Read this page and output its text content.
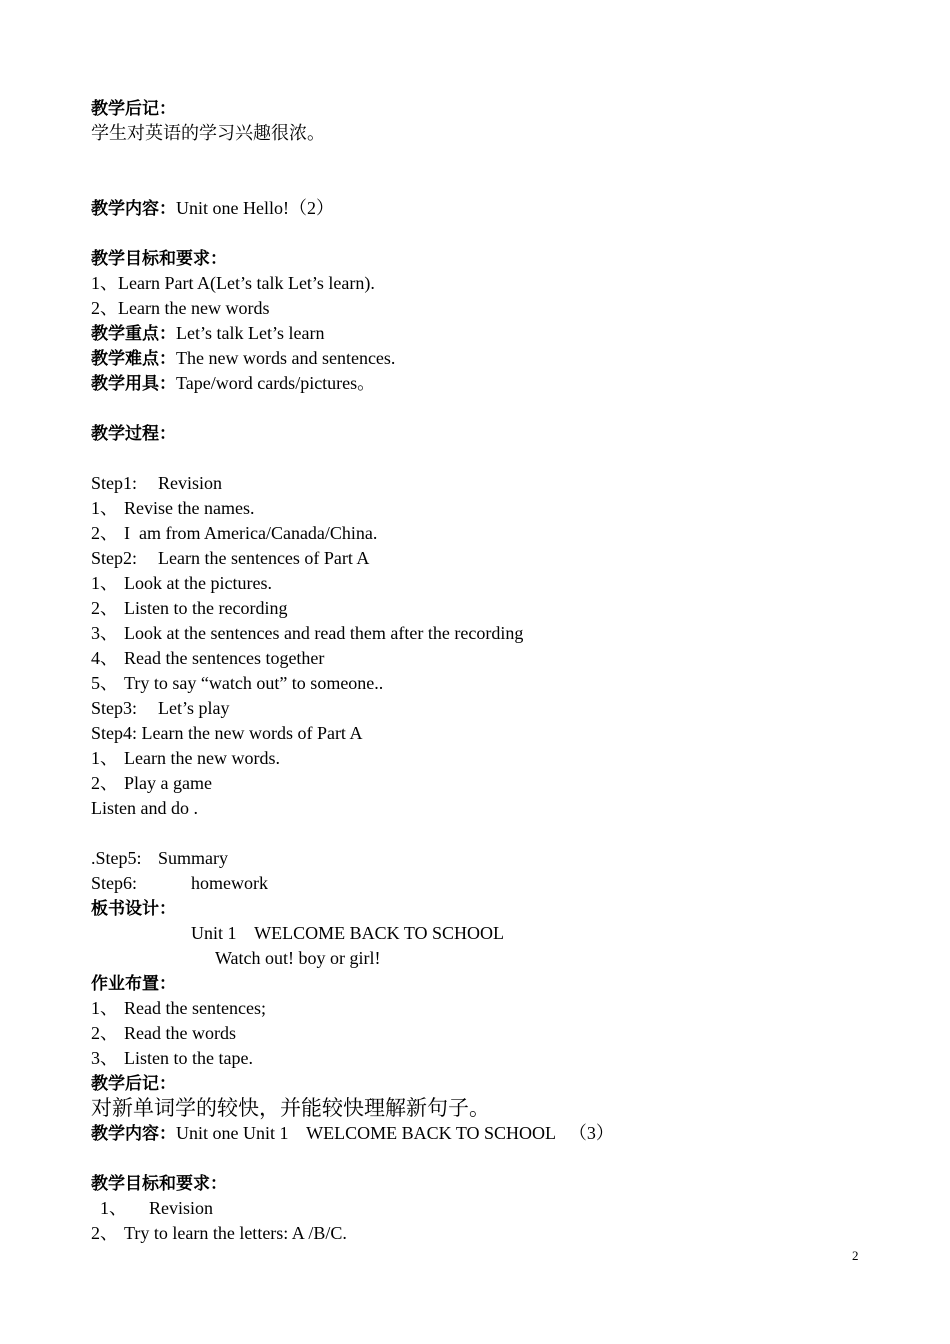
教学后记：
学生对英语的学习兴趣很浓。
教学内容：Unit one Hello!（2）
教学目标和要求：
1、Learn Part A(Let’s talk Let’s learn).
2、Learn the new words
教学重点：Let’s talk Let’s learn
教学难点：The new words and sentences.
教学用具：Tape/word cards/pictures。
教学过程：
Step1: Revision
1、 Revise the names.
2、 I  am from America/Canada/China.
Step2: Learn the sentences of Part A
1、 Look at the pictures.
2、 Listen to the recording
3、 Look at the sentences and read them after the recording
4、 Read the sentences together
5、 Try to say “watch out” to someone..
Step3: Let’s play
Step4: Learn the new words of Part A
1、 Learn the new words.
2、 Play a game
Listen and do .
.Step5: Summary
Step6:	homework
板书设计：
Unit 1    WELCOME BACK TO SCHOOL
Watch out! boy or girl!
作业布置：
1、 Read the sentences;
2、 Read the words
3、 Listen to the tape.
教学后记：
对新单词学的较快，并能较快理解新句子。
教学内容：Unit one Unit 1    WELCOME BACK TO SCHOOL   （3）
教学目标和要求：
1、 Revision
2、 Try to learn the letters: A /B/C.
2
